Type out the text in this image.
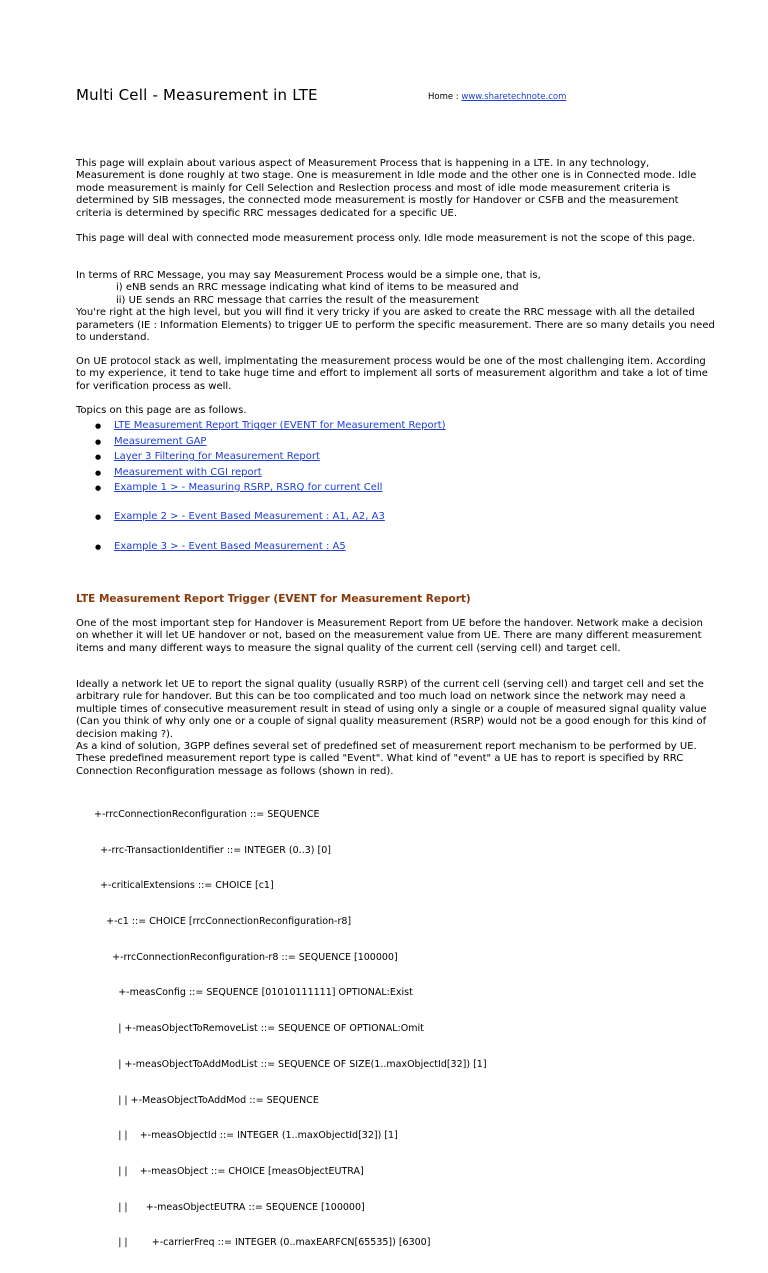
Multi Cell - Measurement in LTE	Home : www.sharetechnote.com

This page will explain about various aspect of Measurement Process that is happening in a LTE. In any technology, Measurement is done roughly at two stage. One is measurement in Idle mode and the other one is in Connected mode. Idle mode measurement is mainly for Cell Selection and Reslection process and most of idle mode measurement criteria is determined by SIB messages, the connected mode measurement is mostly for Handover or CSFB and the measurement criteria is determined by specific RRC messages dedicated for a specific UE.

This page will deal with connected mode measurement process only. Idle mode measurement is not the scope of this page.

In terms of RRC Message, you may say Measurement Process would be a simple one, that is,

i) eNB sends an RRC message indicating what kind of items to be measured and

ii) UE sends an RRC message that carries the result of the measurement

You're right at the high level, but you will find it very tricky if you are asked to create the RRC message with all the detailed parameters (IE : Information Elements) to trigger UE to perform the specific measurement. There are so many details you need to understand.

On UE protocol stack as well, implmentating the measurement process would be one of the most challenging item. According to my experience, it tend to take huge time and effort to implement all sorts of measurement algorithm and take a lot of time for verification process as well.

Topics on this page are as follows.

● LTE Measurement Report Trigger (EVENT for Measurement Report)
● Measurement GAP
● Layer 3 Filtering for Measurement Report
● Measurement with CGI report
● Example 1 > - Measuring RSRP, RSRQ for current Cell
● Example 2 > - Event Based Measurement : A1, A2, A3
● Example 3 > - Event Based Measurement : A5
LTE Measurement Report Trigger (EVENT for Measurement Report)

One of the most important step for Handover is Measurement Report from UE before the handover. Network make a decision on whether it will let UE handover or not, based on the measurement value from UE. There are many different measurement items and many different ways to measure the signal quality of the current cell (serving cell) and target cell.

Ideally a network let UE to report the signal quality (usually RSRP) of the current cell (serving cell) and target cell and set the arbitrary rule for handover. But this can be too complicated and too much load on network since the network may need a multiple times of consecutive measurement result in stead of using only a single or a couple of measured signal quality value (Can you think of why only one or a couple of signal quality measurement (RSRP) would not be a good enough for this kind of decision making ?).

As a kind of solution, 3GPP defines several set of predefined set of measurement report mechanism to be performed by UE. These predefined measurement report type is called "Event". What kind of "event" a UE has to report is specified by RRC Connection Reconfiguration message as follows (shown in red).

+-rrcConnectionReconfiguration ::= SEQUENCE

+-rrc-TransactionIdentifier ::= INTEGER (0..3) [0]

+-criticalExtensions ::= CHOICE [c1]

+-c1 ::= CHOICE [rrcConnectionReconfiguration-r8]

+-rrcConnectionReconfiguration-r8 ::= SEQUENCE [100000]

+-measConfig ::= SEQUENCE [01010111111] OPTIONAL:Exist

| +-measObjectToRemoveList ::= SEQUENCE OF OPTIONAL:Omit

| +-measObjectToAddModList ::= SEQUENCE OF SIZE(1..maxObjectId[32]) [1]

| | +-MeasObjectToAddMod ::= SEQUENCE

| |    +-measObjectId ::= INTEGER (1..maxObjectId[32]) [1]

| |    +-measObject ::= CHOICE [measObjectEUTRA]

| |      +-measObjectEUTRA ::= SEQUENCE [100000]

| |        +-carrierFreq ::= INTEGER (0..maxEARFCN[65535]) [6300]
